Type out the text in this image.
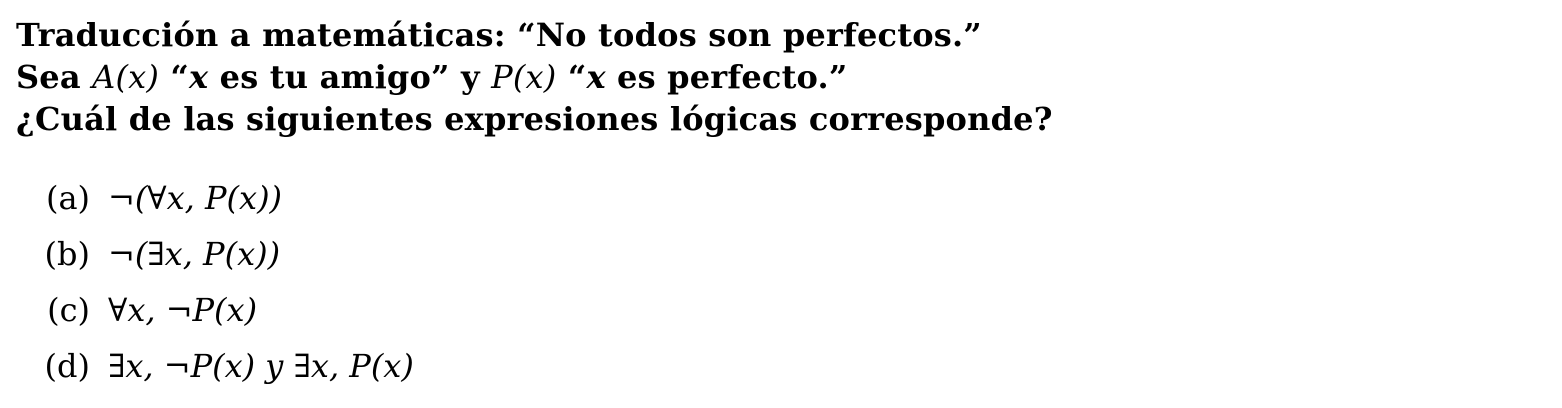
Traducción a matemáticas: “No todos son perfectos.”
Sea A(x) “x es tu amigo” y P(x) “x es perfecto.”
¿Cuál de las siguientes expresiones lógicas corresponde?
(a) ¬(∀x, P(x))
(b) ¬(∃x, P(x))
(c) ∀x, ¬P(x)
(d) ∃x, ¬P(x) y ∃x, P(x)
